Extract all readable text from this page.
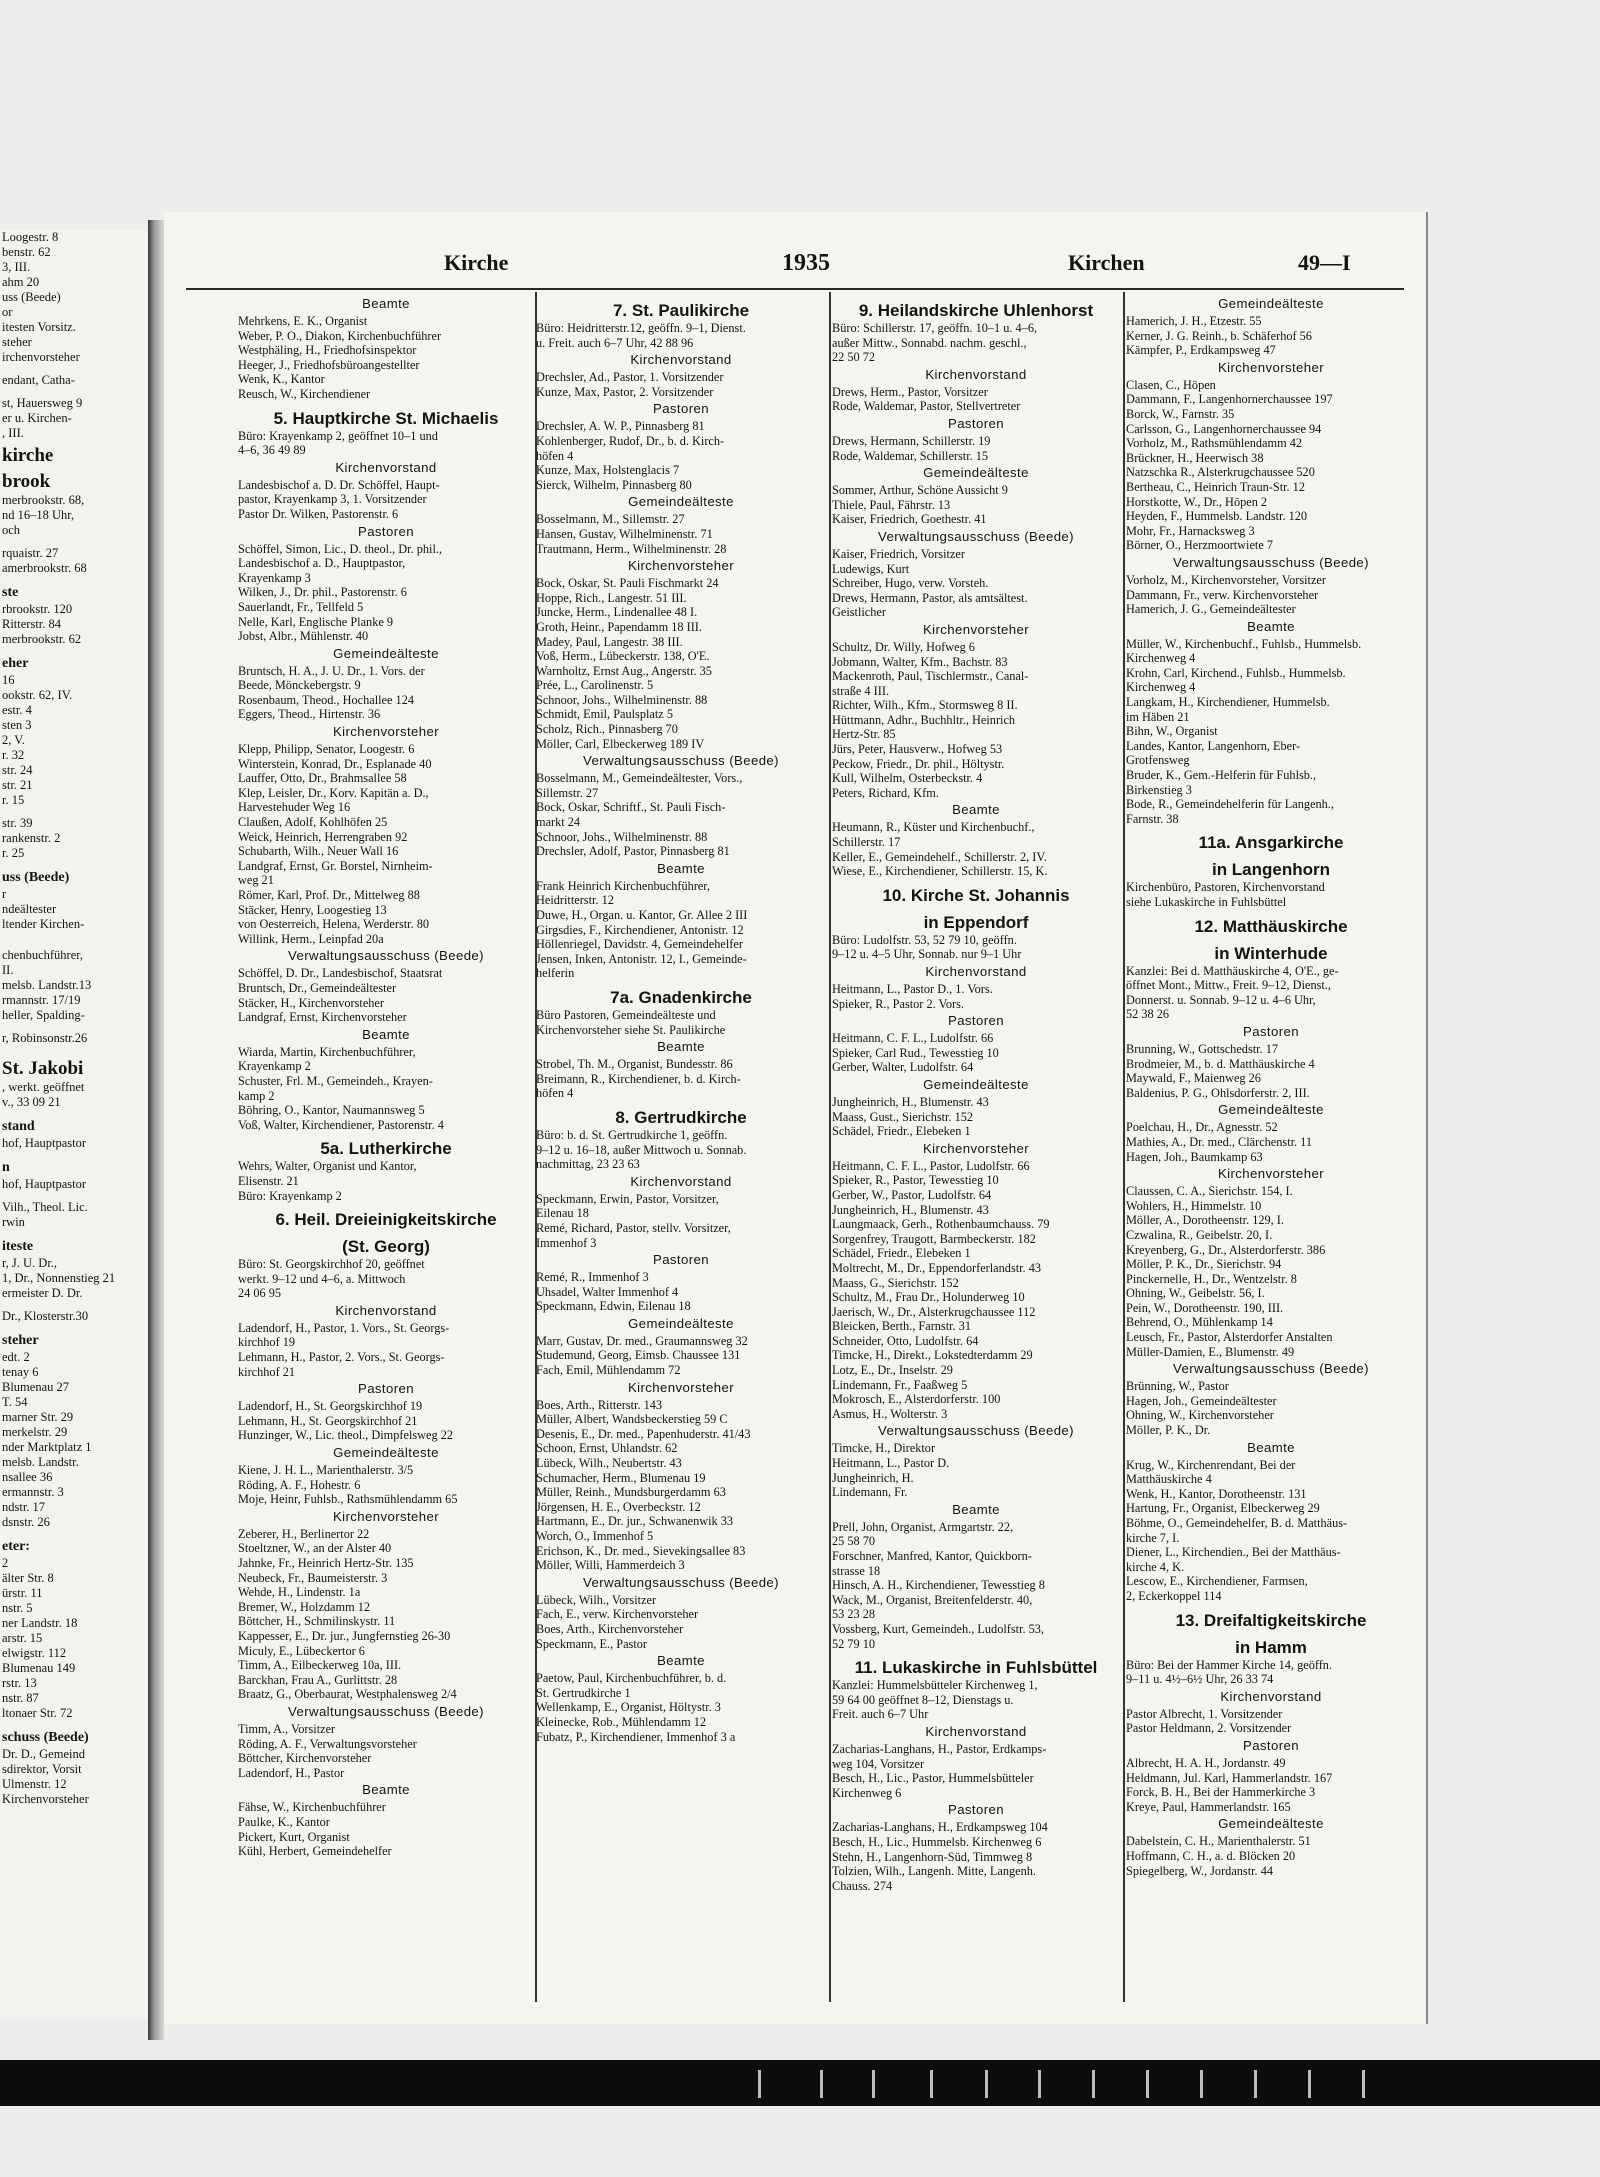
Loogestr. 8
benstr. 62
3, III.
ahm 20
uss (Beede)
or
itesten Vorsitz.
steher
irchenvorsteher
endant, Catha-
st, Hauersweg 9
er u. Kirchen-
, III.
kirche
brook
merbrookstr. 68,
nd 16–18 Uhr,
och
rquaistr. 27
amerbrookstr. 68
ste
rbrookstr. 120
Ritterstr. 84
merbrookstr. 62
eher
16
ookstr. 62, IV.
estr. 4
sten 3
2, V.
r. 32
str. 24
str. 21
r. 15
str. 39
rankenstr. 2
r. 25
uss (Beede)
r
ndeältester
ltender Kirchen-
chenbuchführer,
II.
melsb. Landstr.13
rmannstr. 17/19
heller, Spalding-
r, Robinsonstr.26
St. Jakobi
, werkt. geöffnet
v., 33 09 21
stand
hof, Hauptpastor
n
hof, Hauptpastor
Vilh., Theol. Lic.
rwin
iteste
r, J. U. Dr.,
1, Dr., Nonnenstieg 21
ermeister D. Dr.
Dr., Klosterstr.30
steher
edt. 2
tenay 6
Blumenau 27
T. 54
marner Str. 29
merkelstr. 29
nder Marktplatz 1
melsb. Landstr.
nsallee 36
ermannstr. 3
ndstr. 17
dsnstr. 26
eter:
2
älter Str. 8
ürstr. 11
nstr. 5
ner Landstr. 18
arstr. 15
elwigstr. 112
Blumenau 149
rstr. 13
nstr. 87
ltonaer Str. 72
schuss (Beede)
Dr. D., Gemeind
sdirektor, Vorsit
Ulmenstr. 12
Kirchenvorsteher
Kirche	1935	Kirchen	49—I
Beamte
Mehrkens, E. K., Organist
Weber, P. O., Diakon, Kirchenbuchführer
Westphäling, H., Friedhofsinspektor
Heeger, J., Friedhofsbüroangestellter
Wenk, K., Kantor
Reusch, W., Kirchendiener
5. Hauptkirche St. Michaelis
Büro: Krayenkamp 2, geöffnet 10–1 und
4–6, 36 49 89
Kirchenvorstand
Landesbischof a. D. Dr. Schöffel, Haupt-
pastor, Krayenkamp 3, 1. Vorsitzender
Pastor Dr. Wilken, Pastorenstr. 6
Pastoren
Schöffel, Simon, Lic., D. theol., Dr. phil.,
Landesbischof a. D., Hauptpastor,
Krayenkamp 3
Wilken, J., Dr. phil., Pastorenstr. 6
Sauerlandt, Fr., Tellfeld 5
Nelle, Karl, Englische Planke 9
Jobst, Albr., Mühlenstr. 40
Gemeindeälteste
Bruntsch, H. A., J. U. Dr., 1. Vors. der
Beede, Mönckebergstr. 9
Rosenbaum, Theod., Hochallee 124
Eggers, Theod., Hirtenstr. 36
Kirchenvorsteher
Klepp, Philipp, Senator, Loogestr. 6
Winterstein, Konrad, Dr., Esplanade 40
Lauffer, Otto, Dr., Brahmsallee 58
Klep, Leisler, Dr., Korv. Kapitän a. D.,
Harvestehuder Weg 16
Claußen, Adolf, Kohlhöfen 25
Weick, Heinrich, Herrengraben 92
Schubarth, Wilh., Neuer Wall 16
Landgraf, Ernst, Gr. Borstel, Nirnheim-
weg 21
Römer, Karl, Prof. Dr., Mittelweg 88
Stäcker, Henry, Loogestieg 13
von Oesterreich, Helena, Werderstr. 80
Willink, Herm., Leinpfad 20a
Verwaltungsausschuss (Beede)
Schöffel, D. Dr., Landesbischof, Staatsrat
Bruntsch, Dr., Gemeindeältester
Stäcker, H., Kirchenvorsteher
Landgraf, Ernst, Kirchenvorsteher
Beamte
Wiarda, Martin, Kirchenbuchführer,
Krayenkamp 2
Schuster, Frl. M., Gemeindeh., Krayen-
kamp 2
Böhring, O., Kantor, Naumannsweg 5
Voß, Walter, Kirchendiener, Pastorenstr. 4
5a. Lutherkirche
Wehrs, Walter, Organist und Kantor,
Elisenstr. 21
Büro: Krayenkamp 2
6. Heil. Dreieinigkeitskirche
(St. Georg)
Büro: St. Georgskirchhof 20, geöffnet
werkt. 9–12 und 4–6, a. Mittwoch
24 06 95
Kirchenvorstand
Ladendorf, H., Pastor, 1. Vors., St. Georgs-
kirchhof 19
Lehmann, H., Pastor, 2. Vors., St. Georgs-
kirchhof 21
Pastoren
Ladendorf, H., St. Georgskirchhof 19
Lehmann, H., St. Georgskirchhof 21
Hunzinger, W., Lic. theol., Dimpfelsweg 22
Gemeindeälteste
Kiene, J. H. L., Marienthalerstr. 3/5
Röding, A. F., Hohestr. 6
Moje, Heinr, Fuhlsb., Rathsmühlendamm 65
Kirchenvorsteher
Zeberer, H., Berlinertor 22
Stoeltzner, W., an der Alster 40
Jahnke, Fr., Heinrich Hertz-Str. 135
Neubeck, Fr., Baumeisterstr. 3
Wehde, H., Lindenstr. 1a
Bremer, W., Holzdamm 12
Böttcher, H., Schmilinskystr. 11
Kappesser, E., Dr. jur., Jungfernstieg 26-30
Miculy, E., Lübeckertor 6
Timm, A., Eilbeckerweg 10a, III.
Barckhan, Frau A., Gurlittstr. 28
Braatz, G., Oberbaurat, Westphalensweg 2/4
Verwaltungsausschuss (Beede)
Timm, A., Vorsitzer
Röding, A. F., Verwaltungsvorsteher
Böttcher, Kirchenvorsteher
Ladendorf, H., Pastor
Beamte
Fähse, W., Kirchenbuchführer
Paulke, K., Kantor
Pickert, Kurt, Organist
Kühl, Herbert, Gemeindehelfer
7. St. Paulikirche
Büro: Heidritterstr.12, geöffn. 9–1, Dienst.
u. Freit. auch 6–7 Uhr, 42 88 96
Kirchenvorstand
Drechsler, Ad., Pastor, 1. Vorsitzender
Kunze, Max, Pastor, 2. Vorsitzender
Pastoren
Drechsler, A. W. P., Pinnasberg 81
Kohlenberger, Rudof, Dr., b. d. Kirch-
höfen 4
Kunze, Max, Holstenglacis 7
Sierck, Wilhelm, Pinnasberg 80
Gemeindeälteste
Bosselmann, M., Sillemstr. 27
Hansen, Gustav, Wilhelminenstr. 71
Trautmann, Herm., Wilhelminenstr. 28
Kirchenvorsteher
Bock, Oskar, St. Pauli Fischmarkt 24
Hoppe, Rich., Langestr. 51 III.
Juncke, Herm., Lindenallee 48 I.
Groth, Heinr., Papendamm 18 III.
Madey, Paul, Langestr. 38 III.
Voß, Herm., Lübeckerstr. 138, O'E.
Warnholtz, Ernst Aug., Angerstr. 35
Prée, L., Carolinenstr. 5
Schnoor, Johs., Wilhelminenstr. 88
Schmidt, Emil, Paulsplatz 5
Scholz, Rich., Pinnasberg 70
Möller, Carl, Elbeckerweg 189 IV
Verwaltungsausschuss (Beede)
Bosselmann, M., Gemeindeältester, Vors.,
Sillemstr. 27
Bock, Oskar, Schriftf., St. Pauli Fisch-
markt 24
Schnoor, Johs., Wilhelminenstr. 88
Drechsler, Adolf, Pastor, Pinnasberg 81
Beamte
Frank Heinrich Kirchenbuchführer,
Heidritterstr. 12
Duwe, H., Organ. u. Kantor, Gr. Allee 2 III
Girgsdies, F., Kirchendiener, Antonistr. 12
Höllenriegel, Davidstr. 4, Gemeindehelfer
Jensen, Inken, Antonistr. 12, I., Gemeinde-
helferin
7a. Gnadenkirche
Büro Pastoren, Gemeindeälteste und
Kirchenvorsteher siehe St. Paulikirche
Beamte
Strobel, Th. M., Organist, Bundesstr. 86
Breimann, R., Kirchendiener, b. d. Kirch-
höfen 4
8. Gertrudkirche
Büro: b. d. St. Gertrudkirche 1, geöffn.
9–12 u. 16–18, außer Mittwoch u. Sonnab.
nachmittag, 23 23 63
Kirchenvorstand
Speckmann, Erwin, Pastor, Vorsitzer,
Eilenau 18
Remé, Richard, Pastor, stellv. Vorsitzer,
Immenhof 3
Pastoren
Remé, R., Immenhof 3
Uhsadel, Walter Immenhof 4
Speckmann, Edwin, Eilenau 18
Gemeindeälteste
Marr, Gustav, Dr. med., Graumannsweg 32
Studemund, Georg, Eimsb. Chaussee 131
Fach, Emil, Mühlendamm 72
Kirchenvorsteher
Boes, Arth., Ritterstr. 143
Müller, Albert, Wandsbeckerstieg 59 C
Desenis, E., Dr. med., Papenhuderstr. 41/43
Schoon, Ernst, Uhlandstr. 62
Lübeck, Wilh., Neubertstr. 43
Schumacher, Herm., Blumenau 19
Müller, Reinh., Mundsburgerdamm 63
Jörgensen, H. E., Overbeckstr. 12
Hartmann, E., Dr. jur., Schwanenwik 33
Worch, O., Immenhof 5
Erichson, K., Dr. med., Sievekingsallee 83
Möller, Willi, Hammerdeich 3
Verwaltungsausschuss (Beede)
Lübeck, Wilh., Vorsitzer
Fach, E., verw. Kirchenvorsteher
Boes, Arth., Kirchenvorsteher
Speckmann, E., Pastor
Beamte
Paetow, Paul, Kirchenbuchführer, b. d.
St. Gertrudkirche 1
Wellenkamp, E., Organist, Höltystr. 3
Kleinecke, Rob., Mühlendamm 12
Fubatz, P., Kirchendiener, Immenhof 3 a
9. Heilandskirche Uhlenhorst
Büro: Schillerstr. 17, geöffn. 10–1 u. 4–6,
außer Mittw., Sonnabd. nachm. geschl.,
22 50 72
Kirchenvorstand
Drews, Herm., Pastor, Vorsitzer
Rode, Waldemar, Pastor, Stellvertreter
Pastoren
Drews, Hermann, Schillerstr. 19
Rode, Waldemar, Schillerstr. 15
Gemeindeälteste
Sommer, Arthur, Schöne Aussicht 9
Thiele, Paul, Fährstr. 13
Kaiser, Friedrich, Goethestr. 41
Verwaltungsausschuss (Beede)
Kaiser, Friedrich, Vorsitzer
Ludewigs, Kurt
Schreiber, Hugo, verw. Vorsteh.
Drews, Hermann, Pastor, als amtsältest.
Geistlicher
Kirchenvorsteher
Schultz, Dr. Willy, Hofweg 6
Jobmann, Walter, Kfm., Bachstr. 83
Mackenroth, Paul, Tischlermstr., Canal-
straße 4 III.
Richter, Wilh., Kfm., Stormsweg 8 II.
Hüttmann, Adhr., Buchhltr., Heinrich
Hertz-Str. 85
Jürs, Peter, Hausverw., Hofweg 53
Peckow, Friedr., Dr. phil., Höltystr.
Kull, Wilhelm, Osterbeckstr. 4
Peters, Richard, Kfm.
Beamte
Heumann, R., Küster und Kirchenbuchf.,
Schillerstr. 17
Keller, E., Gemeindehelf., Schillerstr. 2, IV.
Wiese, E., Kirchendiener, Schillerstr. 15, K.
10. Kirche St. Johannis
in Eppendorf
Büro: Ludolfstr. 53, 52 79 10, geöffn.
9–12 u. 4–5 Uhr, Sonnab. nur 9–1 Uhr
Kirchenvorstand
Heitmann, L., Pastor D., 1. Vors.
Spieker, R., Pastor 2. Vors.
Pastoren
Heitmann, C. F. L., Ludolfstr. 66
Spieker, Carl Rud., Tewesstieg 10
Gerber, Walter, Ludolfstr. 64
Gemeindeälteste
Jungheinrich, H., Blumenstr. 43
Maass, Gust., Sierichstr. 152
Schädel, Friedr., Elebeken 1
Kirchenvorsteher
Heitmann, C. F. L., Pastor, Ludolfstr. 66
Spieker, R., Pastor, Tewesstieg 10
Gerber, W., Pastor, Ludolfstr. 64
Jungheinrich, H., Blumenstr. 43
Laungmaack, Gerh., Rothenbaumchauss. 79
Sorgenfrey, Traugott, Barmbeckerstr. 182
Schädel, Friedr., Elebeken 1
Moltrecht, M., Dr., Eppendorferlandstr. 43
Maass, G., Sierichstr. 152
Schultz, M., Frau Dr., Holunderweg 10
Jaerisch, W., Dr., Alsterkrugchaussee 112
Bleicken, Berth., Farnstr. 31
Schneider, Otto, Ludolfstr. 64
Timcke, H., Direkt., Lokstedterdamm 29
Lotz, E., Dr., Inselstr. 29
Lindemann, Fr., Faaßweg 5
Mokrosch, E., Alsterdorferstr. 100
Asmus, H., Wolterstr. 3
Verwaltungsausschuss (Beede)
Timcke, H., Direktor
Heitmann, L., Pastor D.
Jungheinrich, H.
Lindemann, Fr.
Beamte
Prell, John, Organist, Armgartstr. 22,
25 58 70
Forschner, Manfred, Kantor, Quickborn-
strasse 18
Hinsch, A. H., Kirchendiener, Tewesstieg 8
Wack, M., Organist, Breitenfelderstr. 40,
53 23 28
Vossberg, Kurt, Gemeindeh., Ludolfstr. 53,
52 79 10
11. Lukaskirche in Fuhlsbüttel
Kanzlei: Hummelsbütteler Kirchenweg 1,
59 64 00 geöffnet 8–12, Dienstags u.
Freit. auch 6–7 Uhr
Kirchenvorstand
Zacharias-Langhans, H., Pastor, Erdkamps-
weg 104, Vorsitzer
Besch, H., Lic., Pastor, Hummelsbütteler
Kirchenweg 6
Pastoren
Zacharias-Langhans, H., Erdkampsweg 104
Besch, H., Lic., Hummelsb. Kirchenweg 6
Stehn, H., Langenhorn-Süd, Timmweg 8
Tolzien, Wilh., Langenh. Mitte, Langenh.
Chauss. 274
Gemeindeälteste
Hamerich, J. H., Etzestr. 55
Kerner, J. G. Reinh., b. Schäferhof 56
Kämpfer, P., Erdkampsweg 47
Kirchenvorsteher
Clasen, C., Höpen
Dammann, F., Langenhornerchaussee 197
Borck, W., Farnstr. 35
Carlsson, G., Langenhornerchaussee 94
Vorholz, M., Rathsmühlendamm 42
Brückner, H., Heerwisch 38
Natzschka R., Alsterkrugchaussee 520
Bertheau, C., Heinrich Traun-Str. 12
Horstkotte, W., Dr., Höpen 2
Heyden, F., Hummelsb. Landstr. 120
Mohr, Fr., Harnacksweg 3
Börner, O., Herzmoortwiete 7
Verwaltungsausschuss (Beede)
Vorholz, M., Kirchenvorsteher, Vorsitzer
Dammann, Fr., verw. Kirchenvorsteher
Hamerich, J. G., Gemeindeältester
Beamte
Müller, W., Kirchenbuchf., Fuhlsb., Hummelsb.
Kirchenweg 4
Krohn, Carl, Kirchend., Fuhlsb., Hummelsb.
Kirchenweg 4
Langkam, H., Kirchendiener, Hummelsb.
im Häben 21
Bihn, W., Organist
Landes, Kantor, Langenhorn, Eber-
Grotfensweg
Bruder, K., Gem.-Helferin für Fuhlsb.,
Birkenstieg 3
Bode, R., Gemeindehelferin für Langenh.,
Farnstr. 38
11a. Ansgarkirche
in Langenhorn
Kirchenbüro, Pastoren, Kirchenvorstand
siehe Lukaskirche in Fuhlsbüttel
12. Matthäuskirche
in Winterhude
Kanzlei: Bei d. Matthäuskirche 4, O'E., ge-
öffnet Mont., Mittw., Freit. 9–12, Dienst.,
Donnerst. u. Sonnab. 9–12 u. 4–6 Uhr,
52 38 26
Pastoren
Brunning, W., Gottschedstr. 17
Brodmeier, M., b. d. Matthäuskirche 4
Maywald, F., Maienweg 26
Baldenius, P. G., Ohlsdorferstr. 2, III.
Gemeindeälteste
Poelchau, H., Dr., Agnesstr. 52
Mathies, A., Dr. med., Clärchenstr. 11
Hagen, Joh., Baumkamp 63
Kirchenvorsteher
Claussen, C. A., Sierichstr. 154, I.
Wohlers, H., Himmelstr. 10
Möller, A., Dorotheenstr. 129, I.
Czwalina, R., Geibelstr. 20, I.
Kreyenberg, G., Dr., Alsterdorferstr. 386
Möller, P. K., Dr., Sierichstr. 94
Pinckernelle, H., Dr., Wentzelstr. 8
Ohning, W., Geibelstr. 56, I.
Pein, W., Dorotheenstr. 190, III.
Behrend, O., Mühlenkamp 14
Leusch, Fr., Pastor, Alsterdorfer Anstalten
Müller-Damien, E., Blumenstr. 49
Verwaltungsausschuss (Beede)
Brünning, W., Pastor
Hagen, Joh., Gemeindeältester
Ohning, W., Kirchenvorsteher
Möller, P. K., Dr.
Beamte
Krug, W., Kirchenrendant, Bei der
Matthäuskirche 4
Wenk, H., Kantor, Dorotheenstr. 131
Hartung, Fr., Organist, Elbeckerweg 29
Böhme, O., Gemeindehelfer, B. d. Matthäus-
kirche 7, I.
Diener, L., Kirchendien., Bei der Matthäus-
kirche 4, K.
Lescow, E., Kirchendiener, Farmsen,
2, Eckerkoppel 114
13. Dreifaltigkeitskirche
in Hamm
Büro: Bei der Hammer Kirche 14, geöffn.
9–11 u. 4½–6½ Uhr, 26 33 74
Kirchenvorstand
Pastor Albrecht, 1. Vorsitzender
Pastor Heldmann, 2. Vorsitzender
Pastoren
Albrecht, H. A. H., Jordanstr. 49
Heldmann, Jul. Karl, Hammerlandstr. 167
Forck, B. H., Bei der Hammerkirche 3
Kreye, Paul, Hammerlandstr. 165
Gemeindeälteste
Dabelstein, C. H., Marienthalerstr. 51
Hoffmann, C. H., a. d. Blöcken 20
Spiegelberg, W., Jordanstr. 44
